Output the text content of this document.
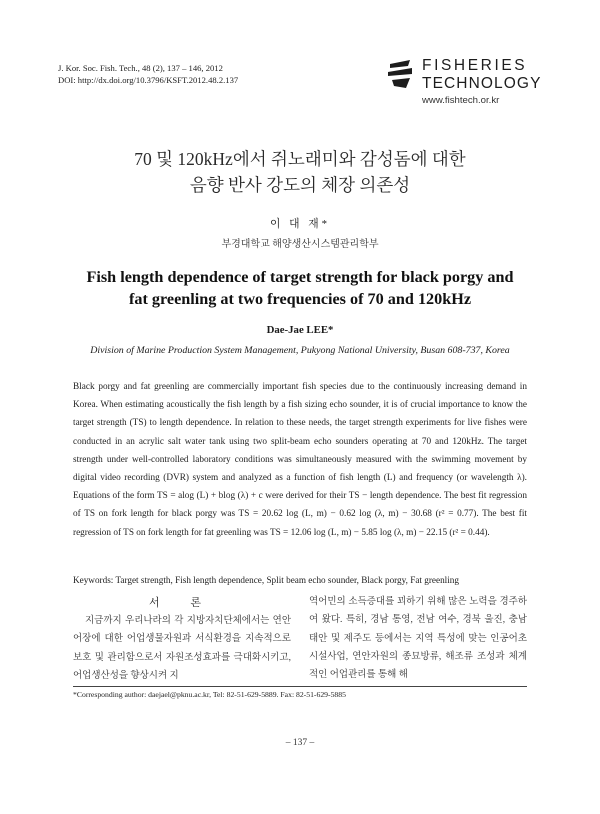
J. Kor. Soc. Fish. Tech., 48 (2), 137 – 146, 2012
DOI: http://dx.doi.org/10.3796/KSFT.2012.48.2.137
FISHERIES
TECHNOLOGY
www.fishtech.or.kr
70 및 120kHz에서 쥐노래미와 감성돔에 대한
음향 반사 강도의 체장 의존성
이 대 재*
부경대학교 해양생산시스템관리학부
Fish length dependence of target strength for black porgy and
fat greenling at two frequencies of 70 and 120kHz
Dae-Jae LEE*
Division of Marine Production System Management, Pukyong National University, Busan 608-737, Korea
Black porgy and fat greenling are commercially important fish species due to the continuously increasing demand in Korea. When estimating acoustically the fish length by a fish sizing echo sounder, it is of crucial importance to know the target strength (TS) to length dependence. In relation to these needs, the target strength experiments for live fishes were conducted in an acrylic salt water tank using two split-beam echo sounders operating at 70 and 120kHz. The target strength under well-controlled laboratory conditions was simultaneously measured with the swimming movement by digital video recording (DVR) system and analyzed as a function of fish length (L) and frequency (or wavelength λ). Equations of the form TS = alog (L) + blog (λ) + c were derived for their TS − length dependence. The best fit regression of TS on fork length for black porgy was TS = 20.62 log (L, m) − 0.62 log (λ, m) − 30.68 (r² = 0.77). The best fit regression of TS on fork length for fat greenling was TS = 12.06 log (L, m) − 5.85 log (λ, m) − 22.15 (r² = 0.44).
Keywords: Target strength, Fish length dependence, Split beam echo sounder, Black porgy, Fat greenling
서 론
지금까지 우리나라의 각 지방자치단체에서는 연안어장에 대한 어업생물자원과 서식환경을 지속적으로 보호 및 관리함으로서 자원조성효과를 극대화시키고, 어업생산성을 향상시켜 지
역어민의 소득증대를 꾀하기 위해 많은 노력을 경주하여 왔다. 특히, 경남 통영, 전남 여수, 경북 울진, 충남 태안 및 제주도 등에서는 지역 특성에 맞는 인공어초 시설사업, 연안자원의 종묘방류, 해조류 조성과 체계적인 어업관리를 통해 해
*Corresponding author: daejael@pknu.ac.kr, Tel: 82-51-629-5889. Fax: 82-51-629-5885
– 137 –
